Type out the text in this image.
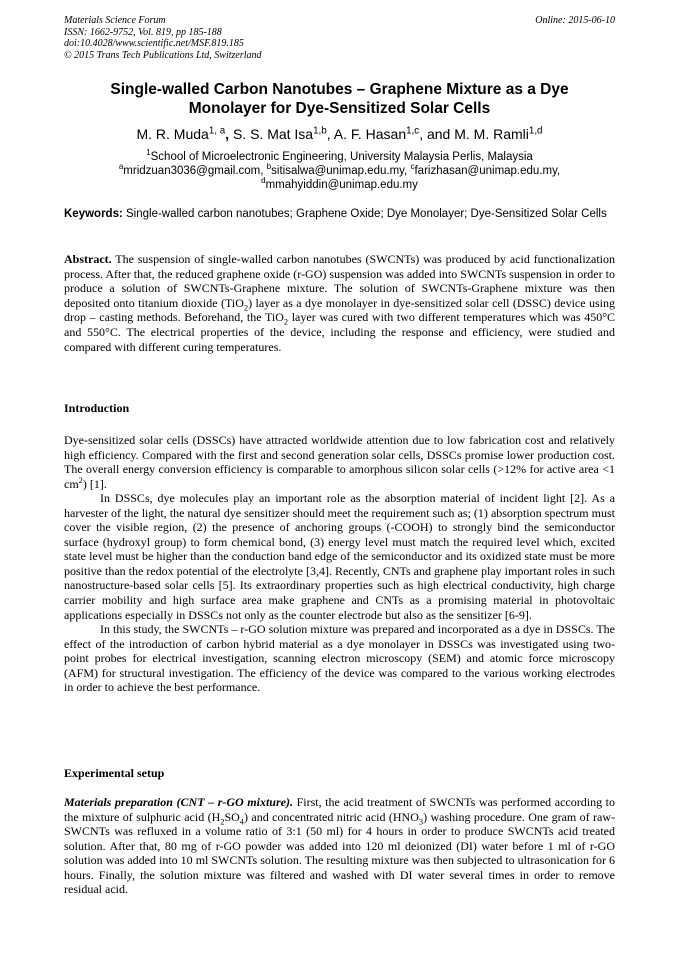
Materials Science Forum
ISSN: 1662-9752, Vol. 819, pp 185-188
doi:10.4028/www.scientific.net/MSF.819.185
© 2015 Trans Tech Publications Ltd, Switzerland
Online: 2015-06-10
Single-walled Carbon Nanotubes – Graphene Mixture as a Dye
Monolayer for Dye-Sensitized Solar Cells
M. R. Muda$^{1, a}$, S. S. Mat Isa$^{1,b}$, A. F. Hasan$^{1,c}$, and M. M. Ramli$^{1,d}$
$^1$School of Microelectronic Engineering, University Malaysia Perlis, Malaysia
$^a$mridzuan3036@gmail.com, $^b$sitisalwa@unimap.edu.my, $^c$farizhasan@unimap.edu.my,
$^d$mmahyiddin@unimap.edu.my
Keywords: Single-walled carbon nanotubes; Graphene Oxide; Dye Monolayer; Dye-Sensitized Solar Cells
Abstract. The suspension of single-walled carbon nanotubes (SWCNTs) was produced by acid functionalization process. After that, the reduced graphene oxide (r-GO) suspension was added into SWCNTs suspension in order to produce a solution of SWCNTs-Graphene mixture. The solution of SWCNTs-Graphene mixture was then deposited onto titanium dioxide (TiO$_2$) layer as a dye monolayer in dye-sensitized solar cell (DSSC) device using drop – casting methods. Beforehand, the TiO$_2$ layer was cured with two different temperatures which was 450°C and 550°C. The electrical properties of the device, including the response and efficiency, were studied and compared with different curing temperatures.
Introduction

Dye-sensitized solar cells (DSSCs) have attracted worldwide attention due to low fabrication cost and relatively high efficiency. Compared with the first and second generation solar cells, DSSCs promise lower production cost. The overall energy conversion efficiency is comparable to amorphous silicon solar cells (>12% for active area <1 $cm^2$) [1].

In DSSCs, dye molecules play an important role as the absorption material of incident light [2]. As a harvester of the light, the natural dye sensitizer should meet the requirement such as; (1) absorption spectrum must cover the visible region, (2) the presence of anchoring groups (-COOH) to strongly bind the semiconductor surface (hydroxyl group) to form chemical bond, (3) energy level must match the required level which, excited state level must be higher than the conduction band edge of the semiconductor and its oxidized state must be more positive than the redox potential of the electrolyte [3,4]. Recently, CNTs and graphene play important roles in such nanostructure-based solar cells [5]. Its extraordinary properties such as high electrical conductivity, high charge carrier mobility and high surface area make graphene and CNTs as a promising material in photovoltaic applications especially in DSSCs not only as the counter electrode but also as the sensitizer [6-9].

In this study, the SWCNTs – r-GO solution mixture was prepared and incorporated as a dye in DSSCs. The effect of the introduction of carbon hybrid material as a dye monolayer in DSSCs was investigated using two-point probes for electrical investigation, scanning electron microscopy (SEM) and atomic force microscopy (AFM) for structural investigation. The efficiency of the device was compared to the various working electrodes in order to achieve the best performance.

Experimental setup
Materials preparation (CNT – r-GO mixture). First, the acid treatment of SWCNTs was performed according to the mixture of sulphuric acid $(H_2SO_4)$ and concentrated nitric acid $(HNO_3)$ washing procedure. One gram of raw-SWCNTs was refluxed in a volume ratio of 3:1 (50 ml) for 4 hours in order to produce SWCNTs acid treated solution. After that, 80 mg of r-GO powder was added into 120 ml deionized (DI) water before 1 ml of r-GO solution was added into 10 ml SWCNTs solution. The resulting mixture was then subjected to ultrasonication for 6 hours. Finally, the solution mixture was filtered and washed with DI water several times in order to remove residual acid.
